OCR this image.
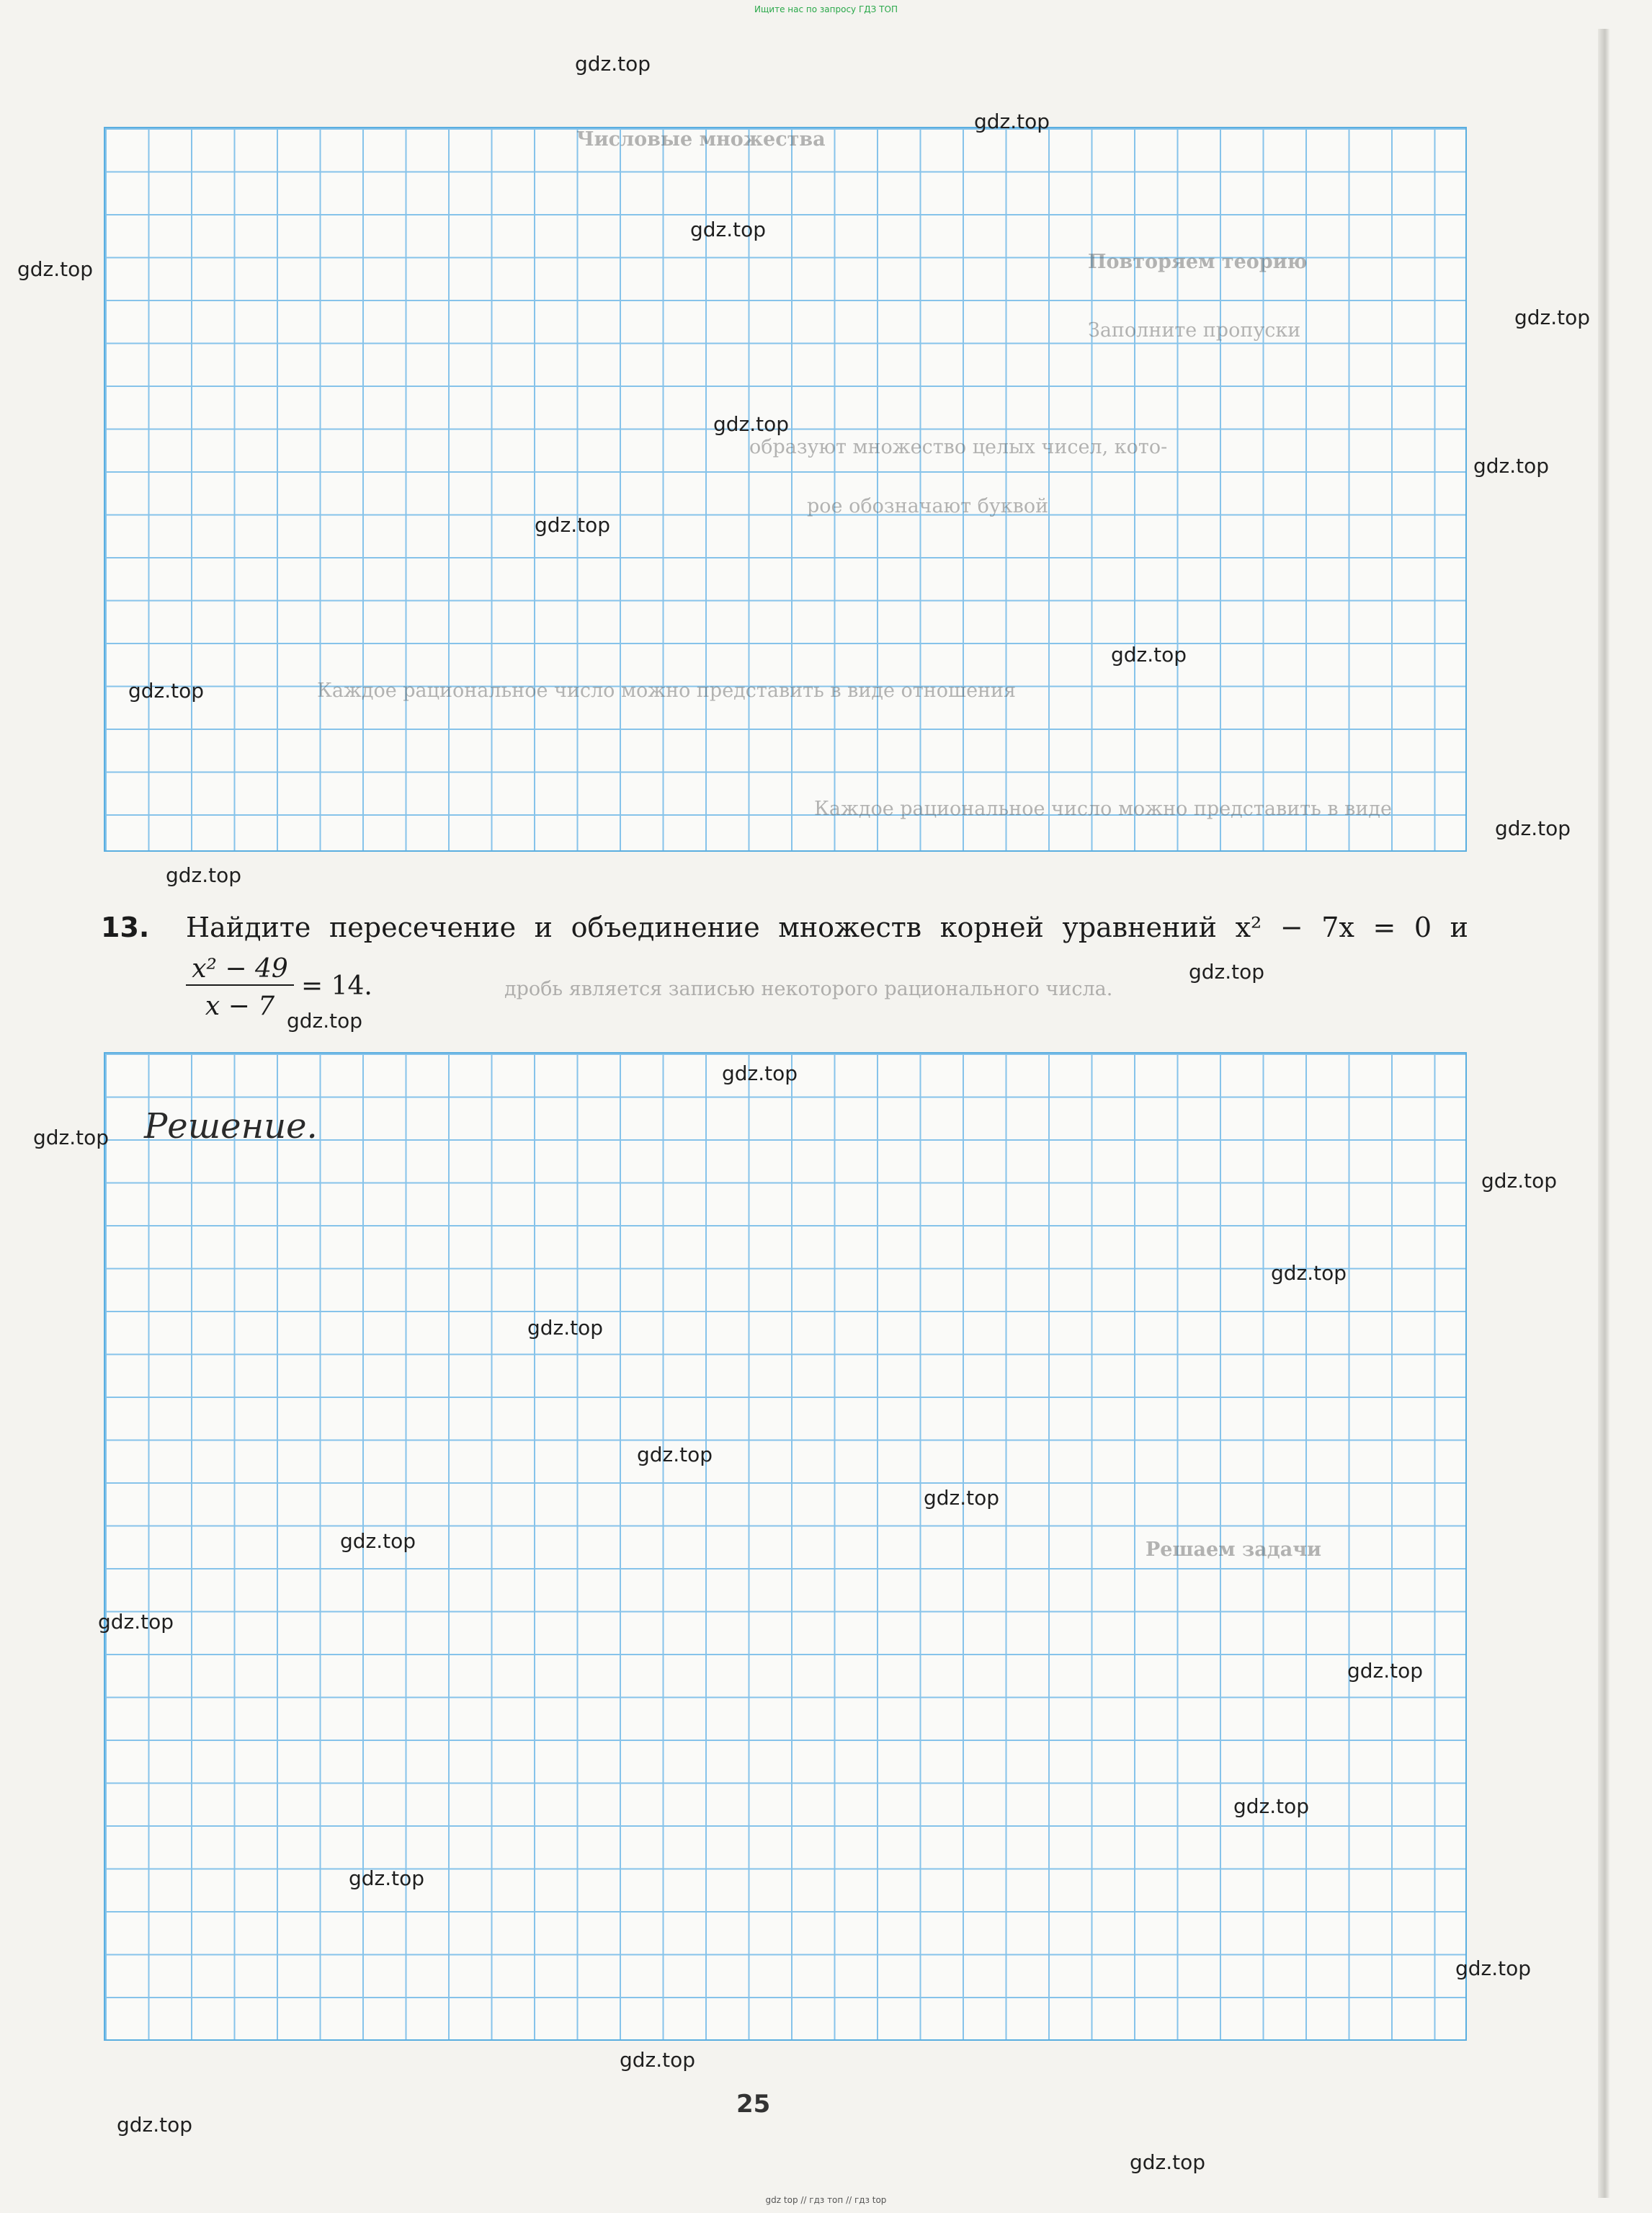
Ищите нас по запросу ГДЗ ТОП
Числовые множества
Повторяем теорию
Заполните пропуски
образуют множество целых чисел, кото-
рое обозначают буквой
Каждое рациональное число можно представить в виде отношения
Каждое рациональное число можно представить в виде
дробь является записью некоторого рационального числа.
13. Найдите пересечение и объединение множеств корней уравнений x² − 7x = 0 и
$\frac{\text{x² − 49}}{x - 7} = 14$.
Решаем задачи
Решение.
25
gdz top // гдз топ // гдз top
gdz.top
gdz.top
gdz.top
gdz.top
gdz.top
gdz.top
gdz.top
gdz.top
gdz.top
gdz.top
gdz.top
gdz.top
gdz.top
gdz.top
gdz.top
gdz.top
gdz.top
gdz.top
gdz.top
gdz.top
gdz.top
gdz.top
gdz.top
gdz.top
gdz.top
gdz.top
gdz.top
gdz.top
gdz.top
gdz.top
